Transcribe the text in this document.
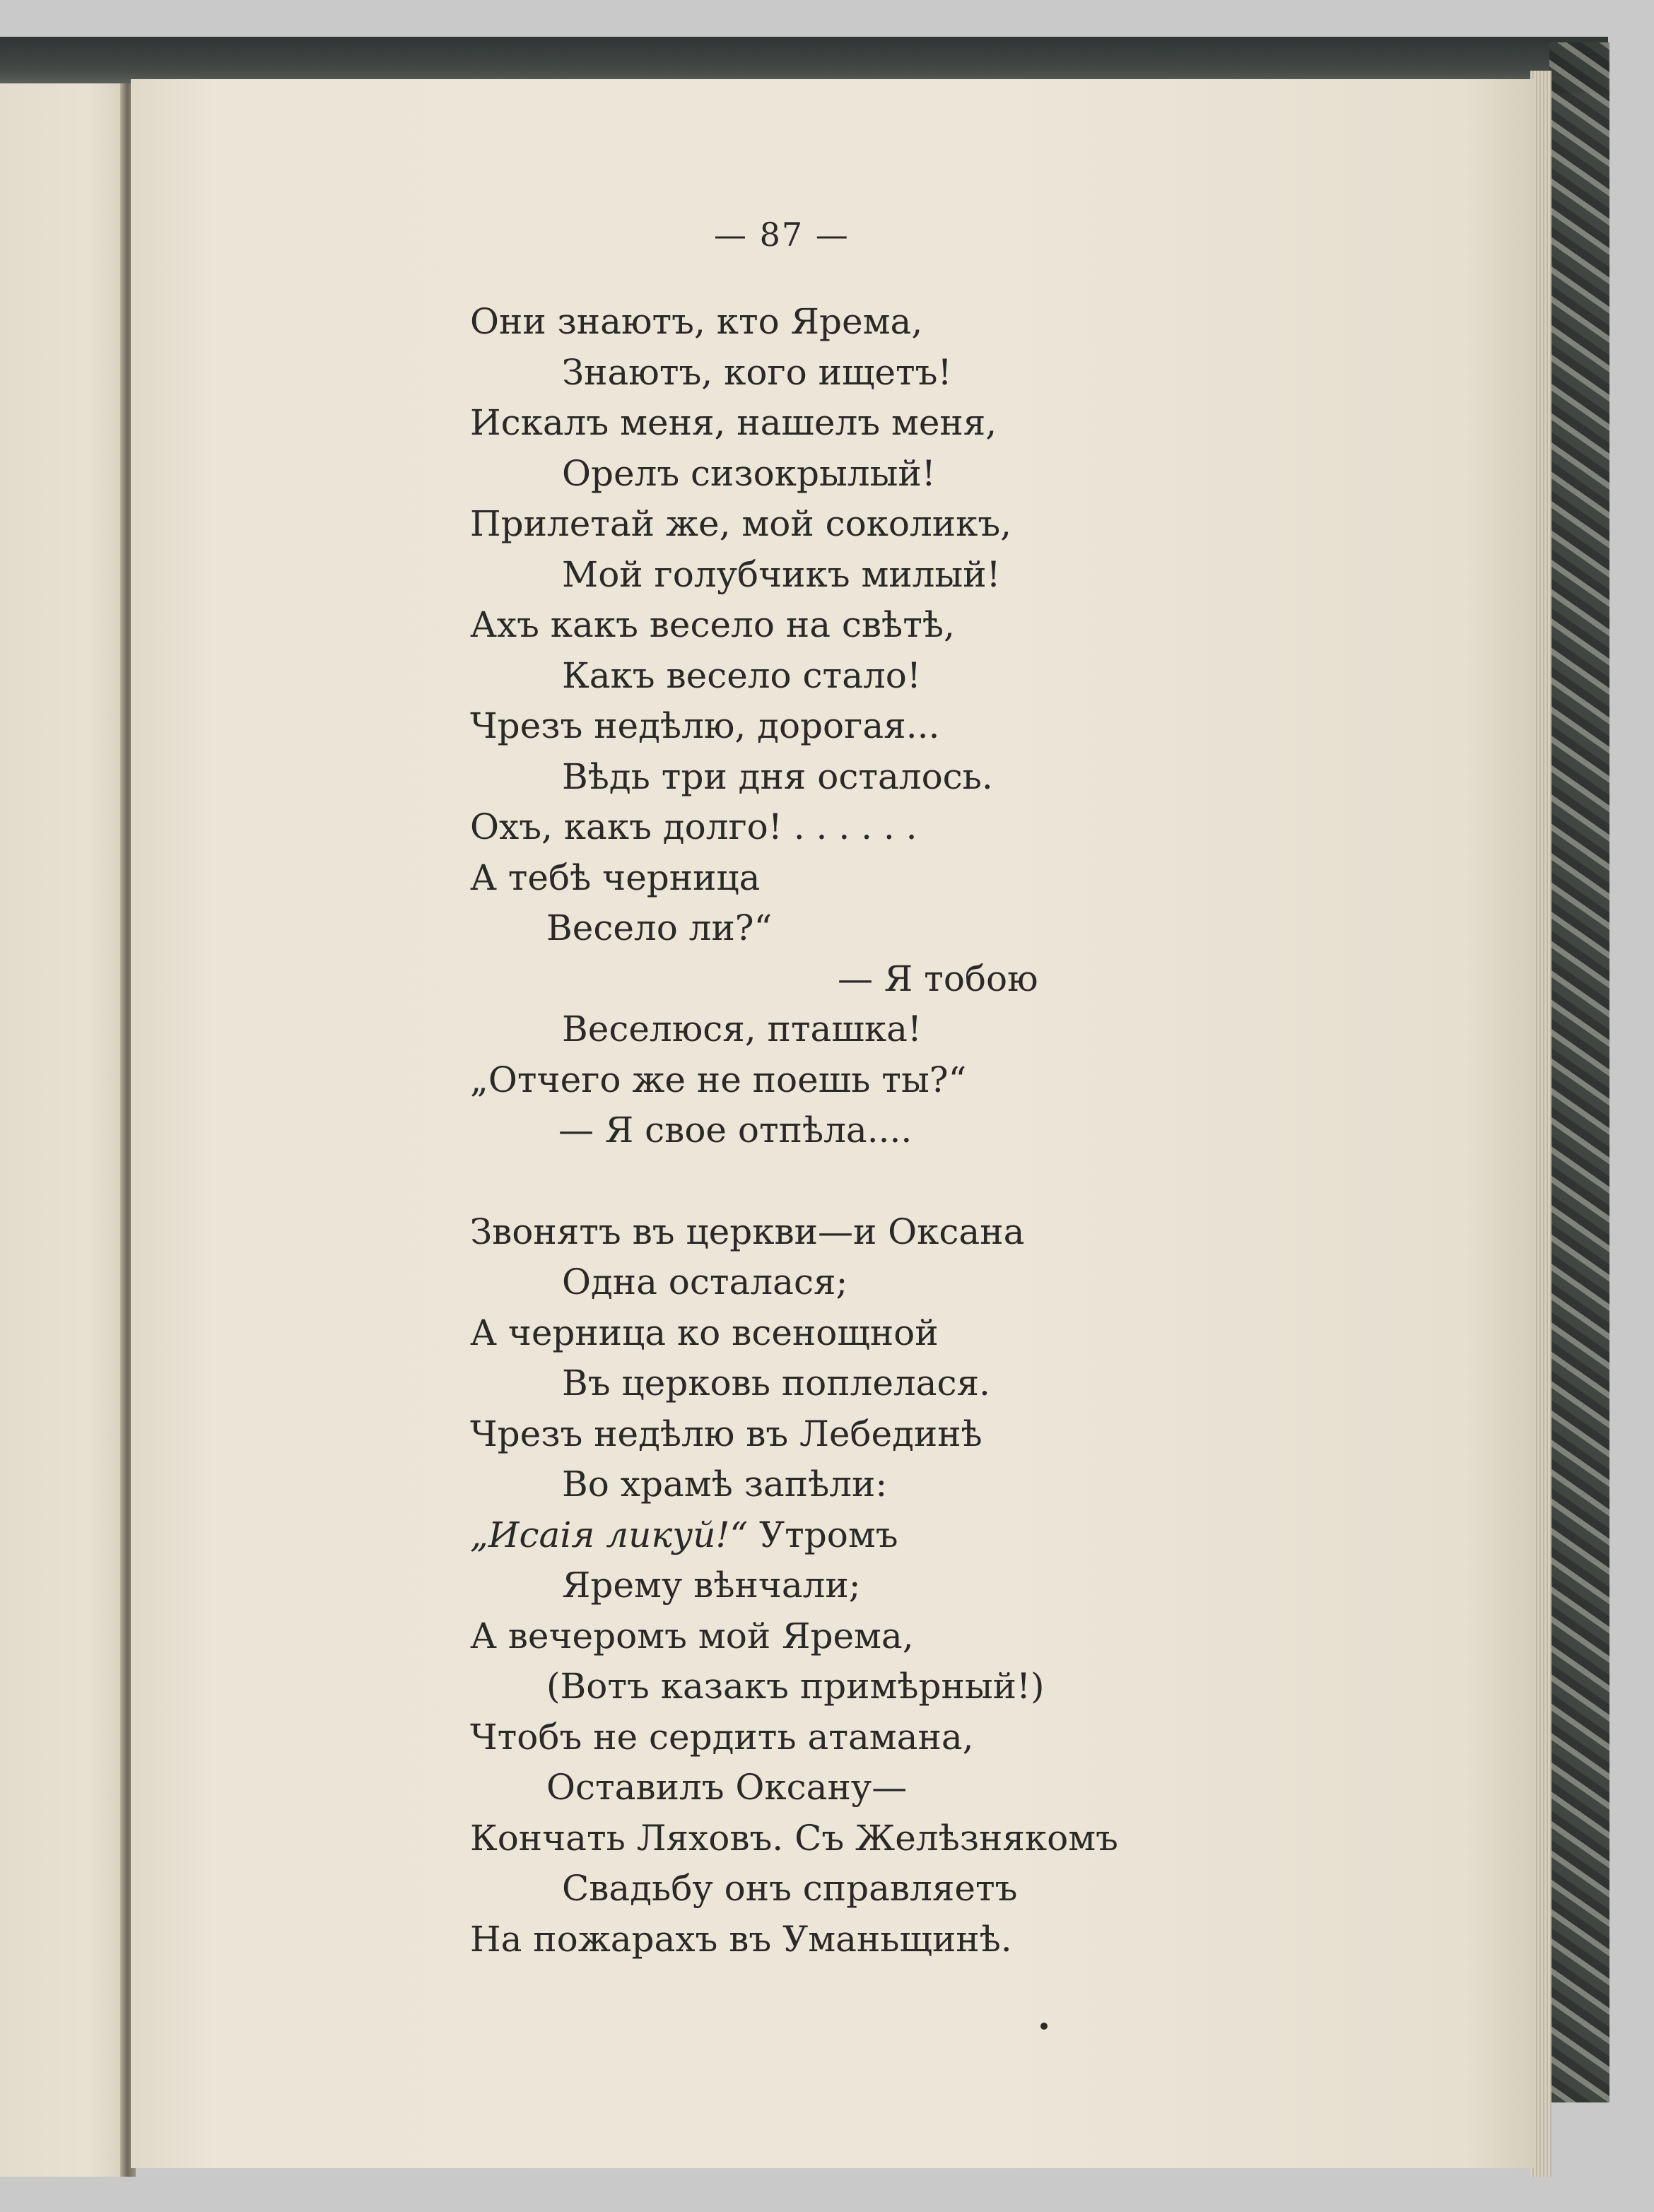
— 87 —
Они знаютъ, кто Ярема,
Знаютъ, кого ищетъ!
Искалъ меня, нашелъ меня,
Орелъ сизокрылый!
Прилетай же, мой соколикъ,
Мой голубчикъ милый!
Ахъ какъ весело на свѣтѣ,
Какъ весело стало!
Чрезъ недѣлю, дорогая...
Вѣдь три дня осталось.
Охъ, какъ долго! . . . . . .
А тебѣ черница
Весело ли?“
— Я тобою
Веселюся, пташка!
„Отчего же не поешь ты?“
— Я свое отпѣла....
Звонятъ въ церкви—и Оксана
Одна осталася;
А черница ко всенощной
Въ церковь поплелася.
Чрезъ недѣлю въ Лебединѣ
Во храмѣ запѣли:
„Исаія ликуй!“ Утромъ
Ярему вѣнчали;
А вечеромъ мой Ярема,
(Вотъ казакъ примѣрный!)
Чтобъ не сердить атамана,
Оставилъ Оксану—
Кончать Ляховъ. Съ Желѣзнякомъ
Свадьбу онъ справляетъ
На пожарахъ въ Уманьщинѣ.
